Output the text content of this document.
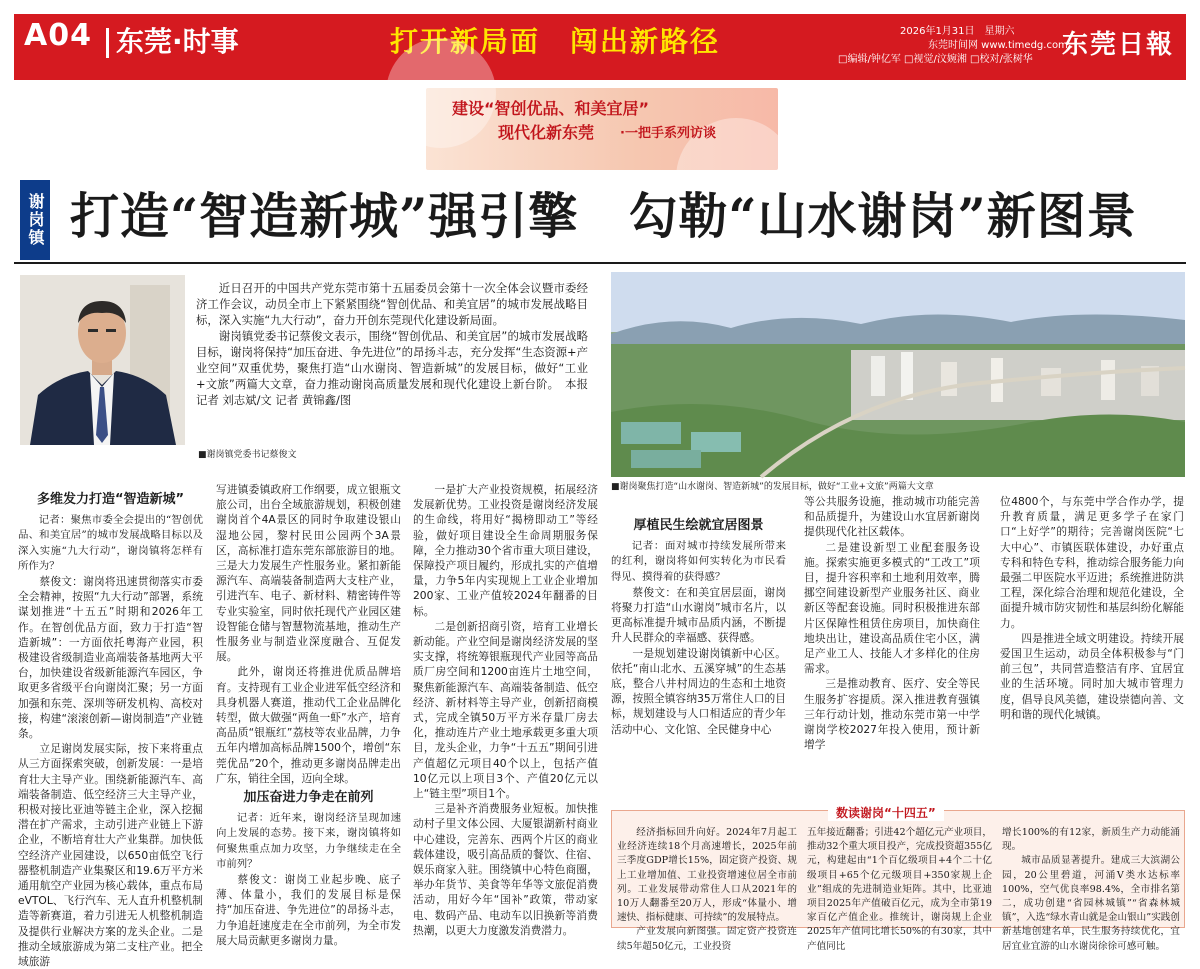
A04 东莞·时事	打开新局面　闯出新路径	2026年1月31日　星期六
东莞时间网 www.timedg.com
□编辑/钟亿军 □视觉/汶婉湘 □校对/张树华 东莞日報
建设“智创优品、和美宜居”
现代化新东莞 ·一把手系列访谈
谢岗镇 打造“智造新城”强引擎　勾勒“山水谢岗”新图景
■谢岗镇党委书记蔡俊文

近日召开的中国共产党东莞市第十五届委员会第十一次全体会议暨市委经济工作会议，动员全市上下紧紧围绕“智创优品、和美宜居”的城市发展战略目标，深入实施“九大行动”，奋力开创东莞现代化建设新局面。

谢岗镇党委书记蔡俊文表示，围绕“智创优品、和美宜居”的城市发展战略目标，谢岗将保持“加压奋进、争先进位”的昂扬斗志，充分发挥“生态资源+产业空间”双重优势，聚焦打造“山水谢岗、智造新城”的发展目标，做好“工业+文旅”两篇大文章，奋力推动谢岗高质量发展和现代化建设上新台阶。　本报记者 刘志斌/文 记者 黄锦鑫/图

■谢岗聚焦打造“山水谢岗、智造新城”的发展目标，做好“工业+文旅”两篇大文章
多维发力打造“智造新城”

记者：聚焦市委全会提出的“智创优品、和美宜居”的城市发展战略目标以及深入实施“九大行动”，谢岗镇将怎样有所作为？

蔡俊文：谢岗将迅速贯彻落实市委全会精神，按照“九大行动”部署，系统谋划推进“十五五”时期和2026年工作。在智创优品方面，致力于打造“智造新城”：一方面依托粤海产业园，积极建设省级制造业高端装备基地两大平台，加快建设省级新能源汽车园区，争取更多省级平台向谢岗汇聚；另一方面加强和东莞、深圳等研发机构、高校对接，构建“滚滚创新—谢岗制造”产业链条。

立足谢岗发展实际，按下来将重点从三方面探索突破，创新发展：一是培育壮大主导产业。围绕新能源汽车、高端装备制造、低空经济三大主导产业，积极对接比亚迪等链主企业，深入挖掘潜在扩产需求，主动引进产业链上下游企业，不断培育壮大产业集群。加快低空经济产业园建设，以650亩低空飞行器整机制造产业集聚区和19.6万平方米通用航空产业园为核心载体，重点布局eVTOL、飞行汽车、无人直升机整机制造等新赛道，着力引进无人机整机制造及提供行业解决方案的龙头企业。二是推动全域旅游成为第二支柱产业。把全域旅游

写进镇委镇政府工作纲要，成立银瓶文旅公司，出台全域旅游规划，积极创建谢岗首个4A景区的同时争取建设银山湿地公园，黎村民田公园两个3A景区，高标准打造东莞东部旅游目的地。三是大力发展生产性服务业。紧扣新能源汽车、高端装备制造两大支柱产业，引进汽车、电子、新材料、精密铸件等专业实验室，同时依托现代产业园区建设智能仓储与智慧物流基地，推动生产性服务业与制造业深度融合、互促发展。

此外，谢岗还将推进优质品牌培育。支持现有工业企业进军低空经济和具身机器人赛道，推动代工企业品牌化转型，做大做强“两鱼一虾”水产，培育高品质“银瓶红”荔枝等农业品牌，力争五年内增加高标品牌1500个，增创“东莞优品”20个，推动更多谢岗品牌走出广东，销往全国，迈向全球。

加压奋进力争走在前列

记者：近年来，谢岗经济呈现加速向上发展的态势。接下来，谢岗镇将如何聚焦重点加力攻坚，力争继续走在全市前列？

蔡俊文：谢岗工业起步晚、底子薄、体量小，我们的发展目标是保持“加压奋进、争先进位”的昂扬斗志，力争追赶速度走在全市前列，为全市发展大局贡献更多谢岗力量。

一是扩大产业投资规模，拓展经济发展新优势。工业投资是谢岗经济发展的生命线，将用好“揭榜即动工”等经验，做好项目建设全生命周期服务保障，全力推动30个省市重大项目建设，保障投产项目履约，形成扎实的产值增量，力争5年内实现规上工业企业增加200家、工业产值较2024年翻番的目标。

二是创新招商引资，培育工业增长新动能。产业空间是谢岗经济发展的坚实支撑，将统筹银瓶现代产业园等高品质厂房空间和1200亩连片土地空间，聚焦新能源汽车、高端装备制造、低空经济、新材料等主导产业，创新招商模式，完成全镇50万平方米存量厂房去化，推动连片产业土地承载更多重大项目，龙头企业，力争“十五五”期间引进产值超亿元项目40个以上，包括产值10亿元以上项目3个、产值20亿元以上“链主型”项目1个。

三是补齐消费服务业短板。加快推动村子里文体公园、大厦银湖新村商业中心建设，完善东、西两个片区的商业载体建设，吸引高品质的餐饮、住宿、娱乐商家入驻。围绕镇中心特色商圈，举办年货节、美食等年华等文旅促消费活动，用好今年“国补”政策，带动家电、数码产品、电动车以旧换新等消费热潮，以更大力度激发消费潜力。

厚植民生绘就宜居图景

记者：面对城市持续发展所带来的红利，谢岗将如何实转化为市民看得见、摸得着的获得感？

蔡俊文：在和美宜居层面，谢岗将聚力打造“山水谢岗”城市名片，以更高标准提升城市品质内涵，不断提升人民群众的幸福感、获得感。

一是规划建设谢岗镇新中心区。依托“南山北水、五溪穿城”的生态基底，整合八井村周边的生态和土地资源，按照全镇容纳35万常住人口的目标，规划建设与人口相适应的青少年活动中心、文化馆、全民健身中心

等公共服务设施，推动城市功能完善和品质提升，为建设山水宜居新谢岗提供现代化社区载体。

二是建设新型工业配套服务设施。探索实施更多模式的“工改工”项目，提升容积率和土地利用效率，腾挪空间建设新型产业服务社区、商业新区等配套设施。同时积极推进东部片区保障性租赁住房项目，加快商住地块出让，建设高品质住宅小区，满足产业工人、技能人才多样化的住房需求。

三是推动教育、医疗、安全等民生服务扩容提质。深入推进教育强镇三年行动计划，推动东莞市第一中学谢岗学校2027年投入使用，预计新增学

位4800个，与东莞中学合作办学，提升教育质量，满足更多学子在家门口“上好学”的期待；完善谢岗医院“七大中心”、市镇医联体建设，办好重点专科和特色专科，推动综合服务能力向最强二甲医院水平迈进；系统推进防洪工程，深化综合治理和规范化建设，全面提升城市防灾韧性和基层纠纷化解能力。

四是推进全域文明建设。持续开展爱国卫生运动，动员全体积极参与“门前三包”，共同营造整洁有序、宜居宜业的生活环境。同时加大城市管理力度，倡导良风美德，建设崇德向善、文明和谐的现代化城镇。

数读谢岗“十四五”

经济指标回升向好。2024年7月起工业经济连续18个月高速增长，2025年前三季度GDP增长15%，固定资产投资、规上工业增加值、工业投资增速位居全市前列。工业发展带动常住人口从2021年的10万人翻番至20万人，形成“体量小、增速快、指标健康、可持续”的发展特点。

产业发展向新图强。固定资产投资连续5年超50亿元，工业投资

五年接近翻番；引进42个超亿元产业项目，推动32个重大项目投产，完成投资超355亿元，构建起由“1个百亿级项目+4个二十亿级项目+65个亿元级项目+350家规上企业”组成的先进制造业矩阵。其中，比亚迪项目2025年产值破百亿元，成为全市第19家百亿产值企业。推统计，谢岗规上企业2025年产值同比增长50%的有30家，其中产值同比

增长100%的有12家，新质生产力动能涌现。

城市品质显著提升。建成三大滨湖公园，20公里碧道，河涌V类水达标率100%，空气优良率98.4%，全市排名第二，成功创建“省园林城镇”“省森林城镇”，入选“绿水青山就是金山银山”实践创新基地创建名单，民生服务持续优化，宜居宜业宜游的山水谢岗徐徐可感可触。
